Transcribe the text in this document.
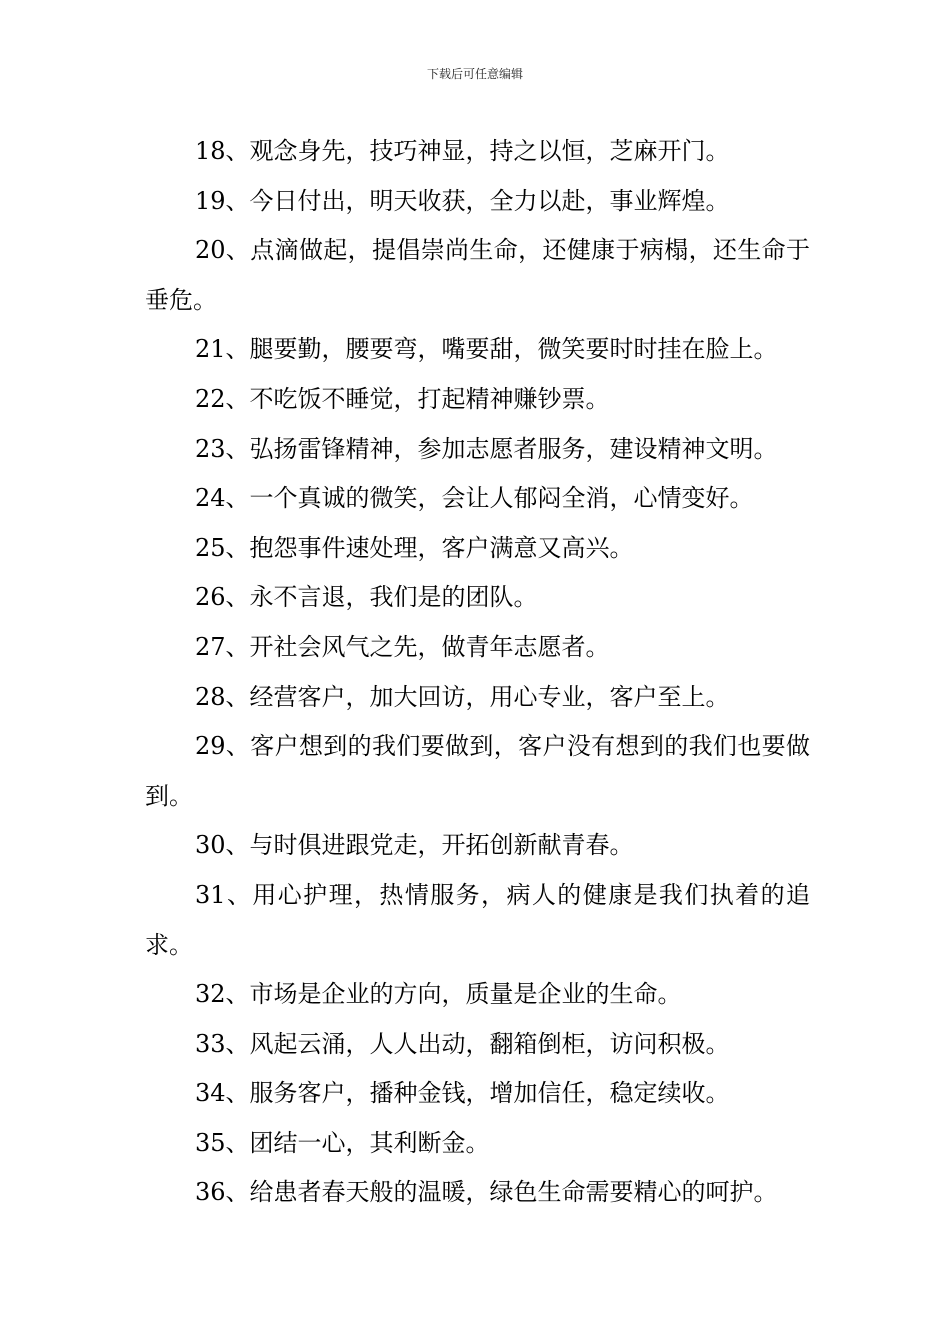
下载后可任意编辑

18、观念身先，技巧神显，持之以恒，芝麻开门。

19、今日付出，明天收获，全力以赴，事业辉煌。

20、点滴做起，提倡崇尚生命，还健康于病榻，还生命于垂危。

21、腿要勤，腰要弯，嘴要甜，微笑要时时挂在脸上。

22、不吃饭不睡觉，打起精神赚钞票。

23、弘扬雷锋精神，参加志愿者服务，建设精神文明。

24、一个真诚的微笑，会让人郁闷全消，心情变好。

25、抱怨事件速处理，客户满意又高兴。

26、永不言退，我们是的团队。

27、开社会风气之先，做青年志愿者。

28、经营客户，加大回访，用心专业，客户至上。

29、客户想到的我们要做到，客户没有想到的我们也要做到。

30、与时俱进跟党走，开拓创新献青春。

31、用心护理，热情服务，病人的健康是我们执着的追求。

32、市场是企业的方向，质量是企业的生命。

33、风起云涌，人人出动，翻箱倒柜，访问积极。

34、服务客户，播种金钱，增加信任，稳定续收。

35、团结一心，其利断金。

36、给患者春天般的温暖，绿色生命需要精心的呵护。
